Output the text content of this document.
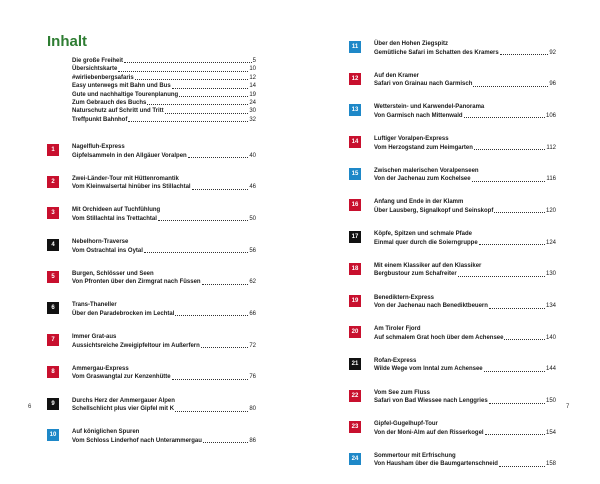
Inhalt
Die große Freiheit	5
Übersichtskarte	10
#wirliebenbergsafaris	12
Easy unterwegs mit Bahn und Bus	14
Gute und nachhaltige Tourenplanung	19
Zum Gebrauch des Buchs	24
Naturschutz auf Schritt und Tritt	30
Treffpunkt Bahnhof	32
1	Nagelfluh-Express
Gipfelsammeln in den Allgäuer Voralpen	40
2	Zwei-Länder-Tour mit Hüttenromantik
Vom Kleinwalsertal hinüber ins Stillachtal	46
3	Mit Orchideen auf Tuchfühlung
Vom Stillachtal ins Trettachtal	50
4	Nebelhorn-Traverse
Vom Ostrachtal ins Oytal	56
5	Burgen, Schlösser und Seen
Von Pfronten über den Zirmgrat nach Füssen	62
6	Trans-Thaneller
Über den Paradebrocken im Lechtal	66
7	Immer Grat-aus
Aussichtsreiche Zweigipfeltour im Außerfern	72
8	Ammergau-Express
Vom Graswangtal zur Kenzenhütte	76
9	Durchs Herz der Ammergauer Alpen
Schellschlicht plus vier Gipfel mit K	80
10	Auf königlichen Spuren
Vom Schloss Linderhof nach Unterammergau	86
6
11	Über den Hohen Ziegspitz
Gemütliche Safari im Schatten des Kramers	92
12	Auf den Kramer
Safari von Grainau nach Garmisch	96
13	Wetterstein- und Karwendel-Panorama
Von Garmisch nach Mittenwald	106
14	Luftiger Voralpen-Express
Vom Herzogstand zum Heimgarten	112
15	Zwischen malerischen Voralpenseen
Von der Jachenau zum Kochelsee	116
16	Anfang und Ende in der Klamm
Über Lausberg, Signalkopf und Seinskopf	120
17	Köpfe, Spitzen und schmale Pfade
Einmal quer durch die Soierngruppe	124
18	Mit einem Klassiker auf den Klassiker
Bergbustour zum Schafreiter	130
19	Benediktern-Express
Von der Jachenau nach Benediktbeuern	134
20	Am Tiroler Fjord
Auf schmalem Grat hoch über dem Achensee	140
21	Rofan-Express
Wilde Wege vom Inntal zum Achensee	144
22	Vom See zum Fluss
Safari von Bad Wiessee nach Lenggries	150
23	Gipfel-Gugelhupf-Tour
Von der Moni-Alm auf den Risserkogel	154
24	Sommertour mit Erfrischung
Von Hausham über die Baumgartenschneid	158
7
